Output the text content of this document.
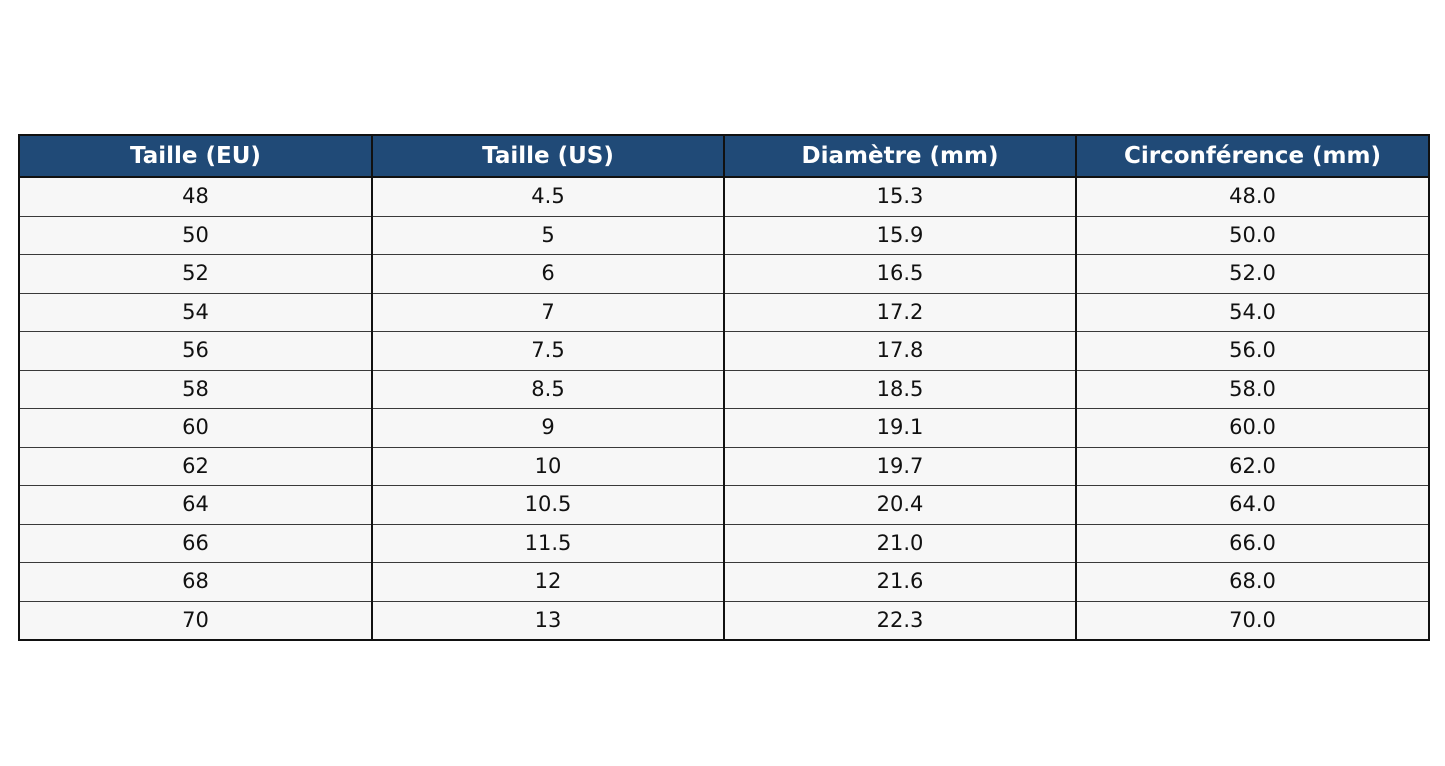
Taille (EU)	Taille (US)	Diamètre (mm)	Circonférence (mm)
48	4.5	15.3	48.0
50	5	15.9	50.0
52	6	16.5	52.0
54	7	17.2	54.0
56	7.5	17.8	56.0
58	8.5	18.5	58.0
60	9	19.1	60.0
62	10	19.7	62.0
64	10.5	20.4	64.0
66	11.5	21.0	66.0
68	12	21.6	68.0
70	13	22.3	70.0
